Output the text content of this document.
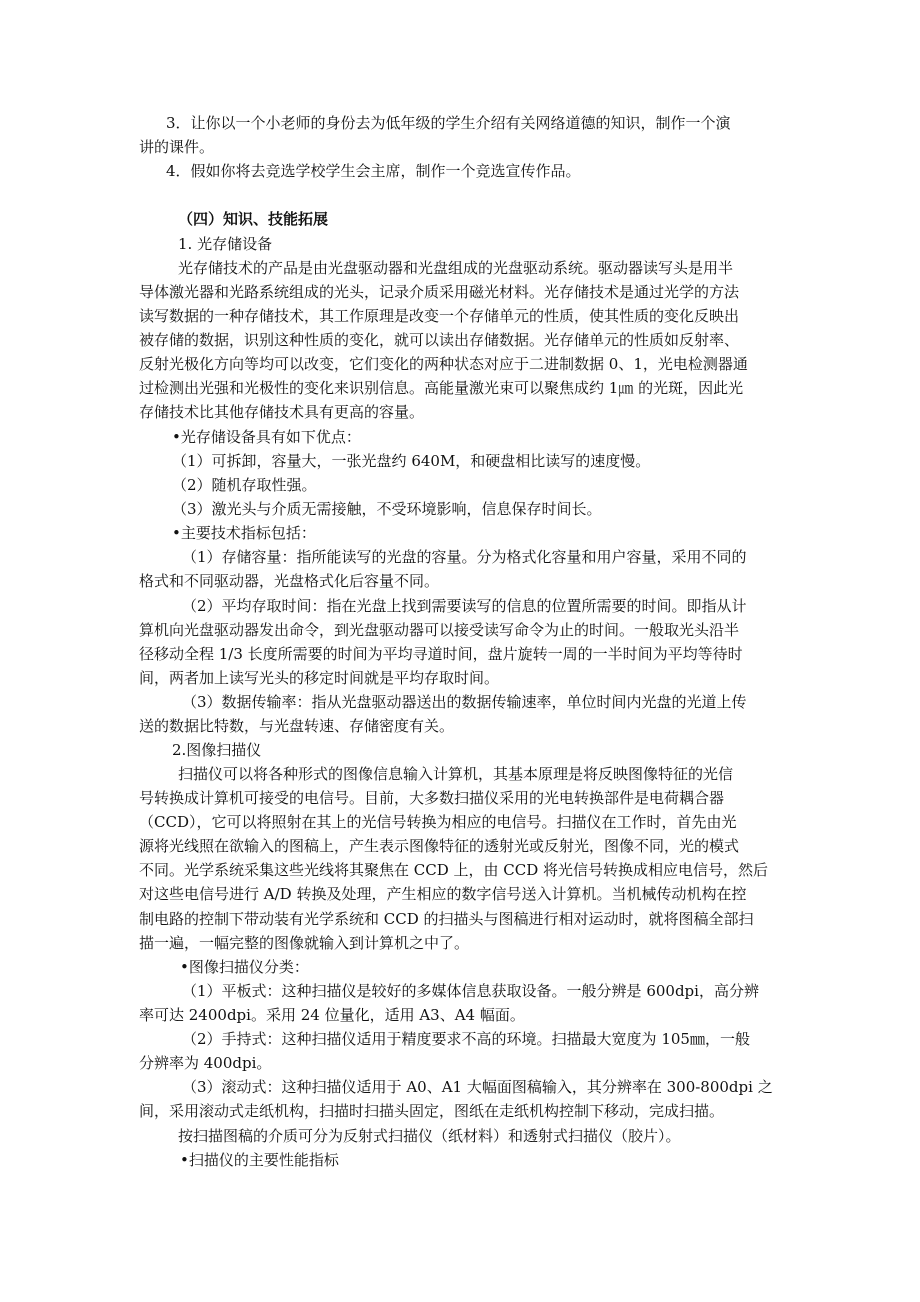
3．让你以一个小老师的身份去为低年级的学生介绍有关网络道德的知识，制作一个演

讲的课件。

4．假如你将去竞选学校学生会主席，制作一个竞选宣传作品。

（四）知识、技能拓展

1. 光存储设备

光存储技术的产品是由光盘驱动器和光盘组成的光盘驱动系统。驱动器读写头是用半

导体激光器和光路系统组成的光头，记录介质采用磁光材料。光存储技术是通过光学的方法

读写数据的一种存储技术，其工作原理是改变一个存储单元的性质，使其性质的变化反映出

被存储的数据，识别这种性质的变化，就可以读出存储数据。光存储单元的性质如反射率、

反射光极化方向等均可以改变，它们变化的两种状态对应于二进制数据 0、1，光电检测器通

过检测出光强和光极性的变化来识别信息。高能量激光束可以聚焦成约 1㎛ 的光斑，因此光

存储技术比其他存储技术具有更高的容量。

•光存储设备具有如下优点：

（1）可拆卸，容量大，一张光盘约 640M，和硬盘相比读写的速度慢。

（2）随机存取性强。

（3）激光头与介质无需接触，不受环境影响，信息保存时间长。

•主要技术指标包括：

（1）存储容量：指所能读写的光盘的容量。分为格式化容量和用户容量，采用不同的

格式和不同驱动器，光盘格式化后容量不同。

（2）平均存取时间：指在光盘上找到需要读写的信息的位置所需要的时间。即指从计

算机向光盘驱动器发出命令，到光盘驱动器可以接受读写命令为止的时间。一般取光头沿半

径移动全程 1/3 长度所需要的时间为平均寻道时间，盘片旋转一周的一半时间为平均等待时

间，两者加上读写光头的移定时间就是平均存取时间。

（3）数据传输率：指从光盘驱动器送出的数据传输速率，单位时间内光盘的光道上传

送的数据比特数，与光盘转速、存储密度有关。

2.图像扫描仪

扫描仪可以将各种形式的图像信息输入计算机，其基本原理是将反映图像特征的光信

号转换成计算机可接受的电信号。目前，大多数扫描仪采用的光电转换部件是电荷耦合器

（CCD），它可以将照射在其上的光信号转换为相应的电信号。扫描仪在工作时，首先由光

源将光线照在欲输入的图稿上，产生表示图像特征的透射光或反射光，图像不同，光的模式

不同。光学系统采集这些光线将其聚焦在 CCD 上，由 CCD 将光信号转换成相应电信号，然后

对这些电信号进行 A/D 转换及处理，产生相应的数字信号送入计算机。当机械传动机构在控

制电路的控制下带动装有光学系统和 CCD 的扫描头与图稿进行相对运动时，就将图稿全部扫

描一遍，一幅完整的图像就输入到计算机之中了。

•图像扫描仪分类：

（1）平板式：这种扫描仪是较好的多媒体信息获取设备。一般分辨是 600dpi，高分辨

率可达 2400dpi。采用 24 位量化，适用 A3、A4 幅面。

（2）手持式：这种扫描仪适用于精度要求不高的环境。扫描最大宽度为 105㎜，一般

分辨率为 400dpi。

（3）滚动式：这种扫描仪适用于 A0、A1 大幅面图稿输入，其分辨率在 300-800dpi 之

间，采用滚动式走纸机构，扫描时扫描头固定，图纸在走纸机构控制下移动，完成扫描。

按扫描图稿的介质可分为反射式扫描仪（纸材料）和透射式扫描仪（胶片）。

•扫描仪的主要性能指标
